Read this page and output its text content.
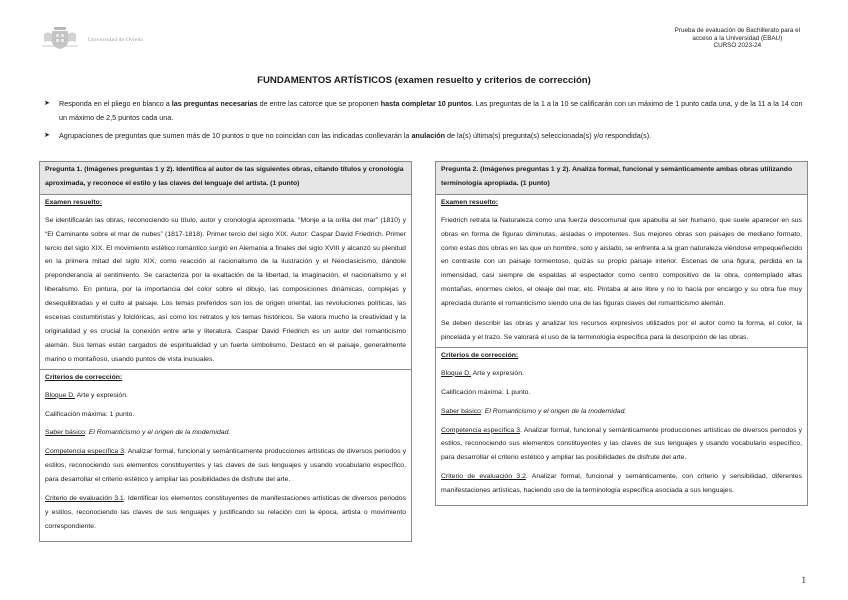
Universidad de Oviedo
Prueba de evaluación de Bachillerato para el
acceso a la Universidad (EBAU)
CURSO 2023-24
FUNDAMENTOS ARTÍSTICOS (examen resuelto y criterios de corrección)
➤ Responda en el pliego en blanco a las preguntas necesarias de entre las catorce que se proponen hasta completar 10 puntos. Las preguntas de la 1 a la 10 se calificarán con un máximo de 1 punto cada una, y de la 11 a la 14 con un máximo de 2,5 puntos cada una.
➤ Agrupaciones de preguntas que sumen más de 10 puntos o que no coincidan con las indicadas conllevarán la anulación de la(s) última(s) pregunta(s) seleccionada(s) y/o respondida(s).
Pregunta 1. (Imágenes preguntas 1 y 2). Identifica al autor de las siguientes obras, citando títulos y cronología aproximada, y reconoce el estilo y las claves del lenguaje del artista. (1 punto)
Examen resuelto:

Se identificarán las obras, reconociendo su título, autor y cronología aproximada. “Monje a la orilla del mar” (1810) y “El Caminante sobre el mar de nubes” (1817-1818). Primer tercio del siglo XIX. Autor: Caspar David Friedrich. Primer tercio del siglo XIX. El movimiento estético romántico surgió en Alemania a finales del siglo XVIII y alcanzó su plenitud en la primera mitad del siglo XIX, como reacción al racionalismo de la ilustración y el Neoclasicismo, dándole preponderancia al sentimiento. Se caracteriza por la exaltación de la libertad, la imaginación, el nacionalismo y el liberalismo. En pintura, por la importancia del color sobre el dibujo, las composiciones dinámicas, complejas y desequilibradas y el culto al paisaje. Los temas preferidos son los de origen oriental, las revoluciones políticas, las escenas costumbristas y folclóricas, así como los retratos y los temas históricos. Se valora mucho la creatividad y la originalidad y es crucial la conexión entre arte y literatura. Caspar David Friedrich es un autor del romanticismo alemán. Sus temas están cargados de espiritualidad y un fuerte simbolismo. Destacó en el paisaje, generalmente marino o montañoso, usando puntos de vista inusuales.

Criterios de corrección:

Bloque D. Arte y expresión.

Calificación máxima: 1 punto.

Saber básico: El Romanticismo y el origen de la modernidad.

Competencia específica 3. Analizar formal, funcional y semánticamente producciones artísticas de diversos periodos y estilos, reconociendo sus elementos constituyentes y las claves de sus lenguajes y usando vocabulario específico, para desarrollar el criterio estético y ampliar las posibilidades de disfrute del arte.

Criterio de evaluación 3.1. Identificar los elementos constituyentes de manifestaciones artísticas de diversos periodos y estilos, reconociendo las claves de sus lenguajes y justificando su relación con la época, artista o movimiento correspondiente.

Pregunta 2. (Imágenes preguntas 1 y 2). Analiza formal, funcional y semánticamente ambas obras utilizando terminología apropiada. (1 punto)
Examen resuelto:

Friedrich retrata la Naturaleza como una fuerza descomunal que apabulla al ser humano, que suele aparecer en sus obras en forma de figuras diminutas, aisladas o impotentes. Sus mejores obras son paisajes de mediano formato, como estas dos obras en las que un hombre, solo y aislado, se enfrenta a la gran naturaleza viéndose empequeñecido en contraste con un paisaje tormentoso, quizás su propio paisaje interior. Escenas de una figura, perdida en la inmensidad, casi siempre de espaldas al espectador como centro compositivo de la obra, contemplado altas montañas, enormes cielos, el oleaje del mar, etc. Pintaba al aire libre y no lo hacía por encargo y su obra fue muy apreciada durante el romanticismo siendo una de las figuras claves del romanticismo alemán.

Se deben describir las obras y analizar los recursos expresivos utilizados por el autor como la forma, el color, la pincelada y el trazo. Se valorará el uso de la terminología específica para la descripción de las obras.

Criterios de corrección:

Bloque D. Arte y expresión.

Calificación máxima: 1 punto.

Saber básico: El Romanticismo y el origen de la modernidad.

Competencia específica 3. Analizar formal, funcional y semánticamente producciones artísticas de diversos periodos y estilos, reconociendo sus elementos constituyentes y las claves de sus lenguajes y usando vocabulario específico, para desarrollar el criterio estético y ampliar las posibilidades de disfrute del arte.

Criterio de evaluación 3.2. Analizar formal, funcional y semánticamente, con criterio y sensibilidad, diferentes manifestaciones artísticas, haciendo uso de la terminología específica asociada a sus lenguajes.

1
